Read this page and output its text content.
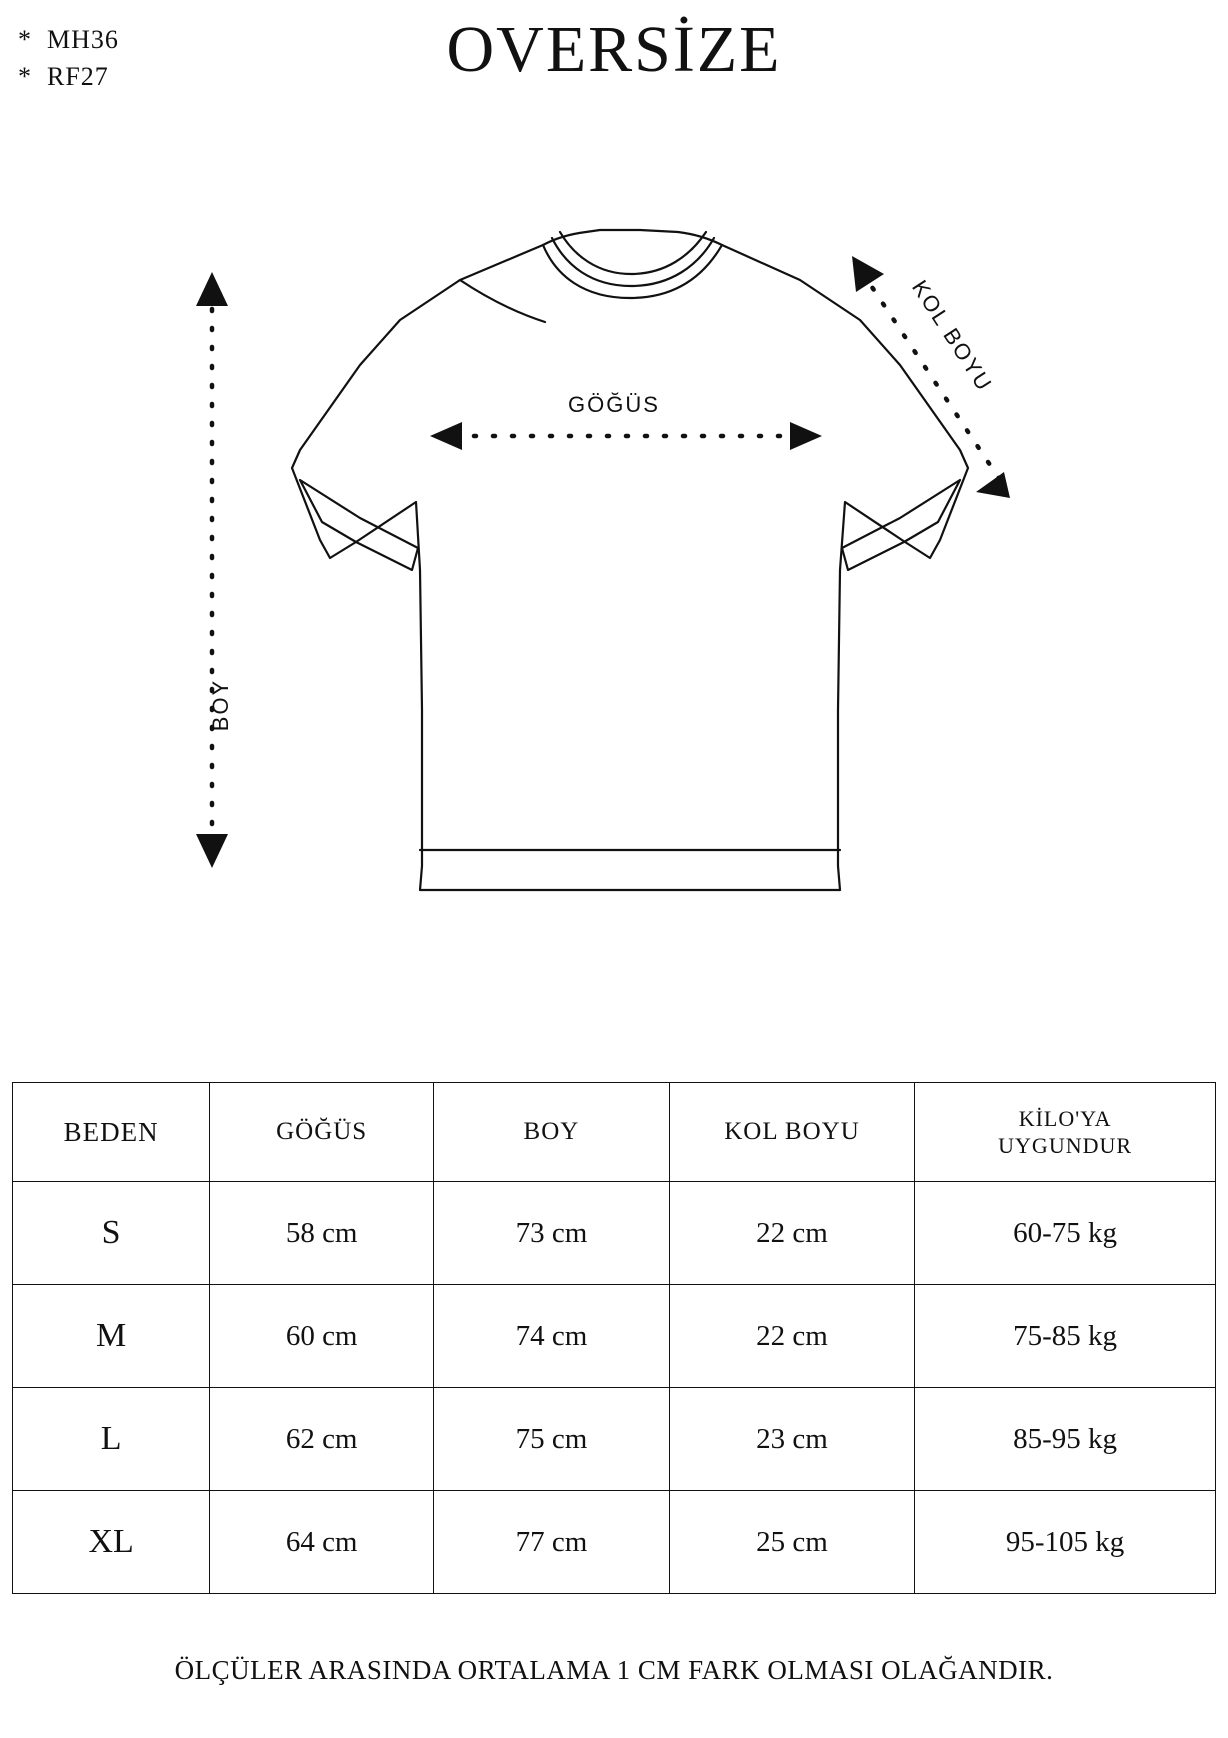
*  MH36
*  RF27	OVERSİZE
GÖĞÜS
BOY
KOL BOYU
BEDEN	GÖĞÜS	BOY	KOL BOYU	KİLO'YA
UYGUNDUR
S	58 cm	73 cm	22 cm	60-75 kg
M	60 cm	74 cm	22 cm	75-85 kg
L	62 cm	75 cm	23 cm	85-95 kg
XL	64 cm	77 cm	25 cm	95-105 kg
ÖLÇÜLER ARASINDA ORTALAMA 1 CM FARK OLMASI OLAĞANDIR.
